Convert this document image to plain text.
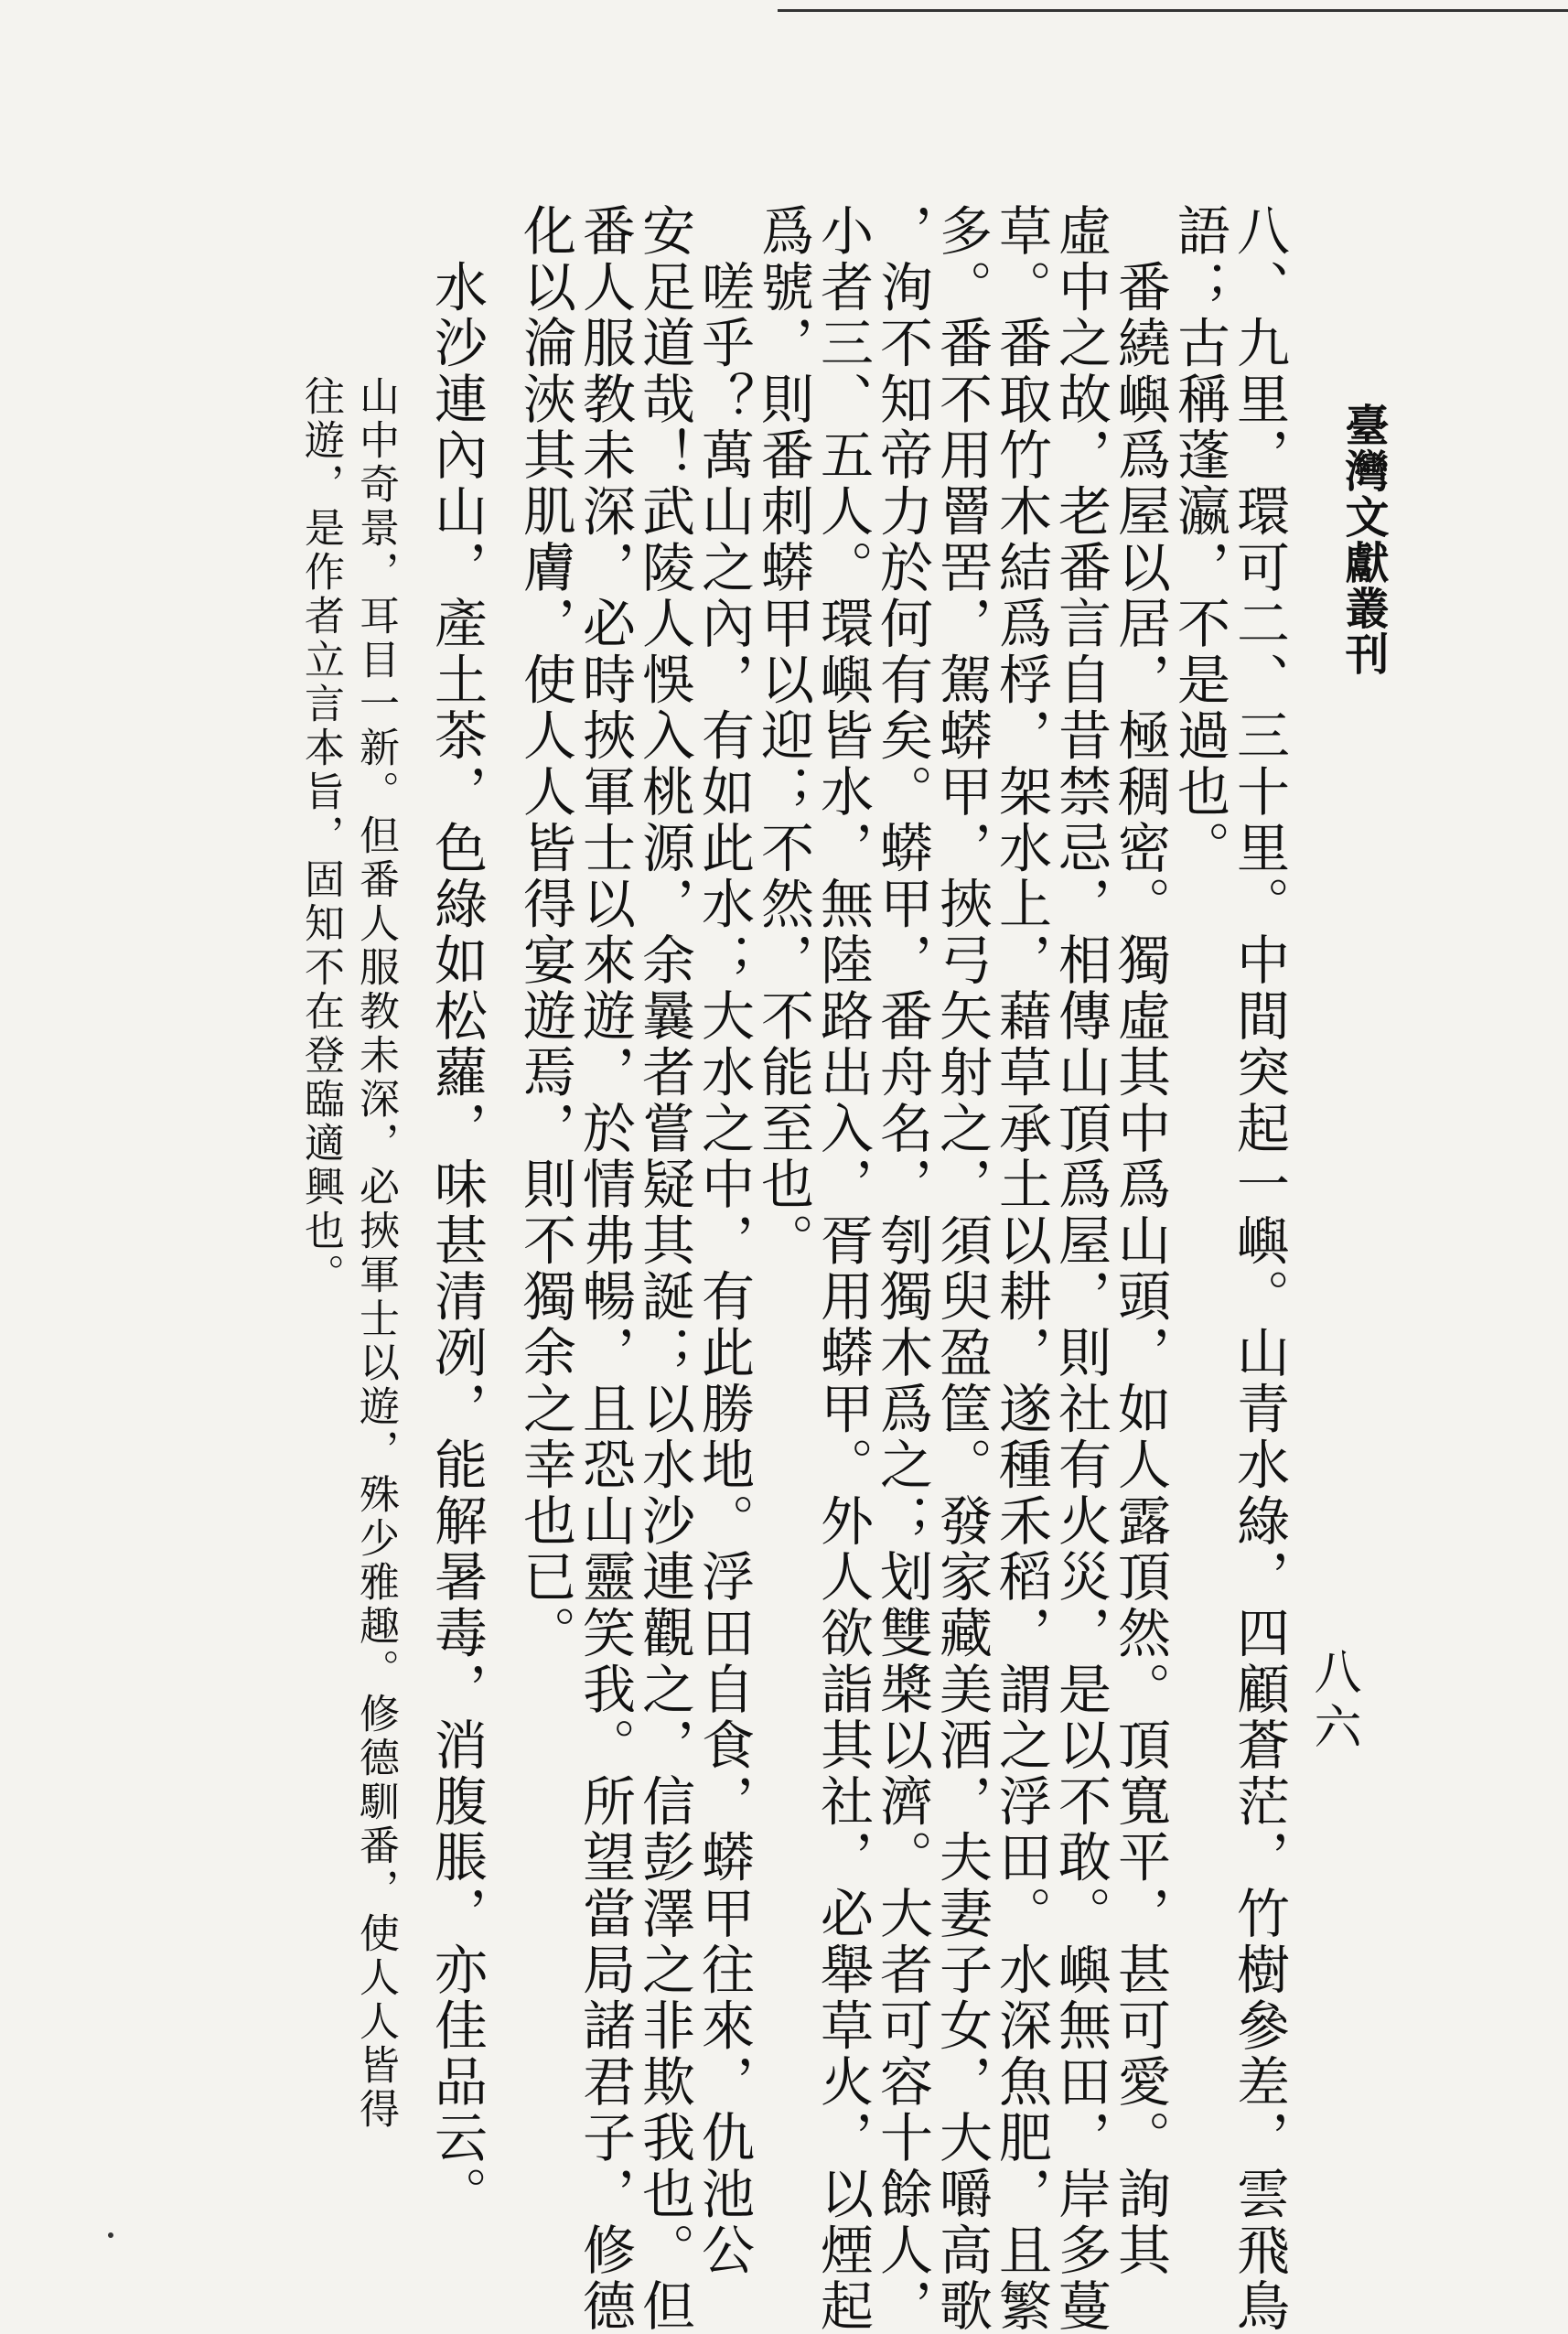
臺灣文獻叢刊
八六
八、九里，環可二、三十里。中間突起一嶼。山青水綠，四顧蒼茫，竹樹參差，雲飛鳥
語；古稱蓬瀛，不是過也。
　番繞嶼爲屋以居，極稠密。獨虛其中爲山頭，如人露頂然。頂寬平，甚可愛。詢其
虛中之故，老番言自昔禁忌，相傳山頂爲屋，則社有火災，是以不敢。嶼無田，岸多蔓
草。番取竹木結爲桴，架水上，藉草承土以耕，遂種禾稻，謂之浮田。水深魚肥，且繁
多。番不用罾罟，駕蟒甲，挾弓矢射之，須臾盈筐。發家藏美酒，夫妻子女，大嚼高歌
，洵不知帝力於何有矣。蟒甲，番舟名，刳獨木爲之；划雙槳以濟。大者可容十餘人，
小者三、五人。環嶼皆水，無陸路出入，胥用蟒甲。外人欲詣其社，必舉草火，以煙起
爲號，則番刺蟒甲以迎；不然，不能至也。
　嗟乎？萬山之內，有如此水；大水之中，有此勝地。浮田自食，蟒甲往來，仇池公
安足道哉！武陵人悞入桃源，余曩者嘗疑其誕；以水沙連觀之，信彭澤之非欺我也。但
番人服教未深，必時挾軍士以來遊，於情弗暢，且恐山靈笑我。所望當局諸君子，修德
化以淪浹其肌膚，使人人皆得宴遊焉，則不獨余之幸也已。
　水沙連內山，產土茶，色綠如松蘿，味甚清冽，能解暑毒，消腹脹，亦佳品云。
山中奇景，耳目一新。但番人服教未深，必挾軍士以遊，殊少雅趣。修德馴番，使人人皆得
往遊，是作者立言本旨，固知不在登臨適興也。
